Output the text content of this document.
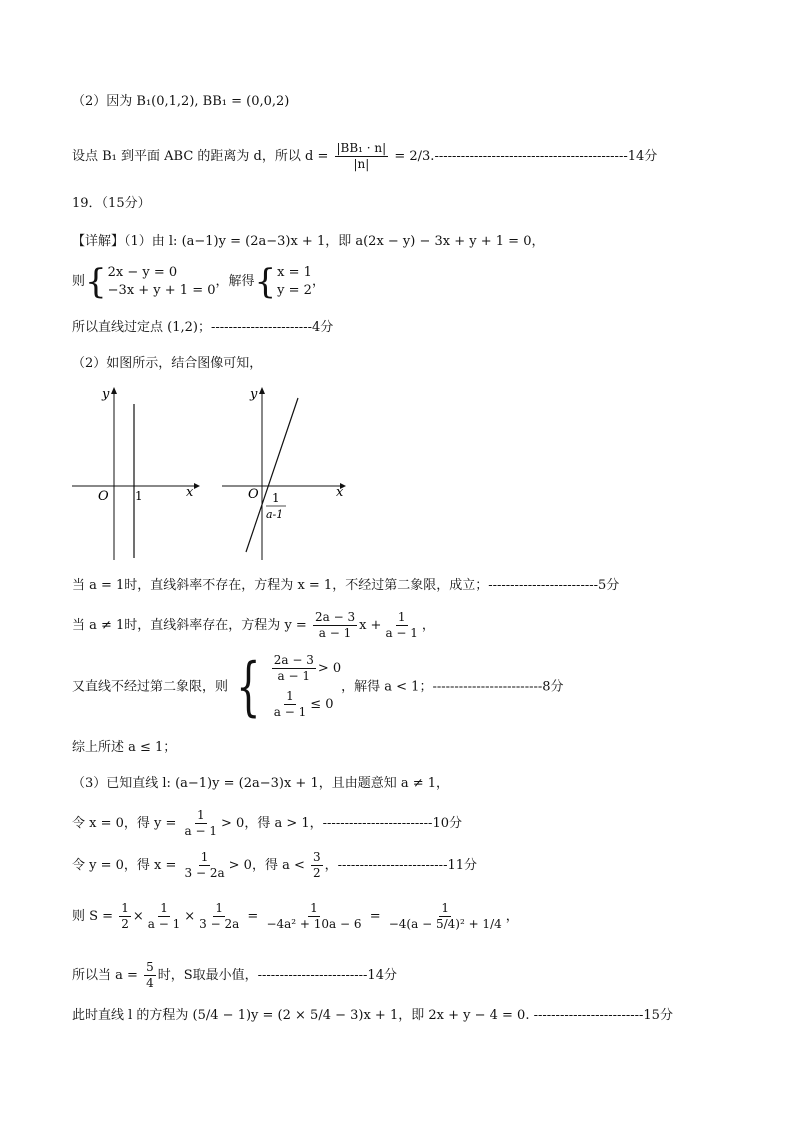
（2）因为 B₁(0,1,2), BB₁ = (0,0,2)
设点 B₁ 到平面 ABC 的距离为 d，所以 $d = \frac{\text{|BB₁ · n|}}{|n|} = 2/3.--------------------------------------------14$分
19．（15分）
【详解】（1）由 l: (a−1)y = (2a−3)x + 1，即 a(2x − y) − 3x + y + 1 = 0，
则 { 2x − y = 0
−3x + y + 1 = 0
，解得 { x = 1
y = 2
，
所以直线过定点 (1,2)；-----------------------4分
（2）如图所示，结合图像可知，
y
x
O 1
y
x
O 1
a-1
当 a = 1时，直线斜率不存在，方程为 x = 1，不经过第二象限，成立；-------------------------5分
当 a ≠ 1时，直线斜率存在，方程为 $y = \frac{2a - 3}{a - 1}$ $x + \frac{1}{a - 1}$ ，
又直线不经过第二象限，则 { $\frac{2a - 3}{a - 1} > 0$
$\frac{1}{a - 1} \le 0$
，解得 a < 1；-------------------------8分
综上所述 a ≤ 1；
（3）已知直线 l: (a−1)y = (2a−3)x + 1，且由题意知 a ≠ 1，
令 x = 0，得 $y = \frac{1}{a - 1} > 0$，得 a > 1，-------------------------10分
令 y = 0，得 $x = \frac{1}{3 - 2a} > 0$，得 $a < \frac{3}{2}$ ，-------------------------11分
则 $S = \frac{1}{2} \times \frac{1}{a - 1} \times \frac{1}{3 - 2a} = \frac{1}{\text{−4a² + 10a − 6}} = \frac{1}{\text{−4(a − 5/4)² + 1/4}}$ ，
所以当 $a = \frac{5}{4}$ 时，S取最小值，-------------------------14分
此时直线 l 的方程为 (5/4 − 1)y = (2 × 5/4 − 3)x + 1，即 2x + y − 4 = 0. -------------------------15分
